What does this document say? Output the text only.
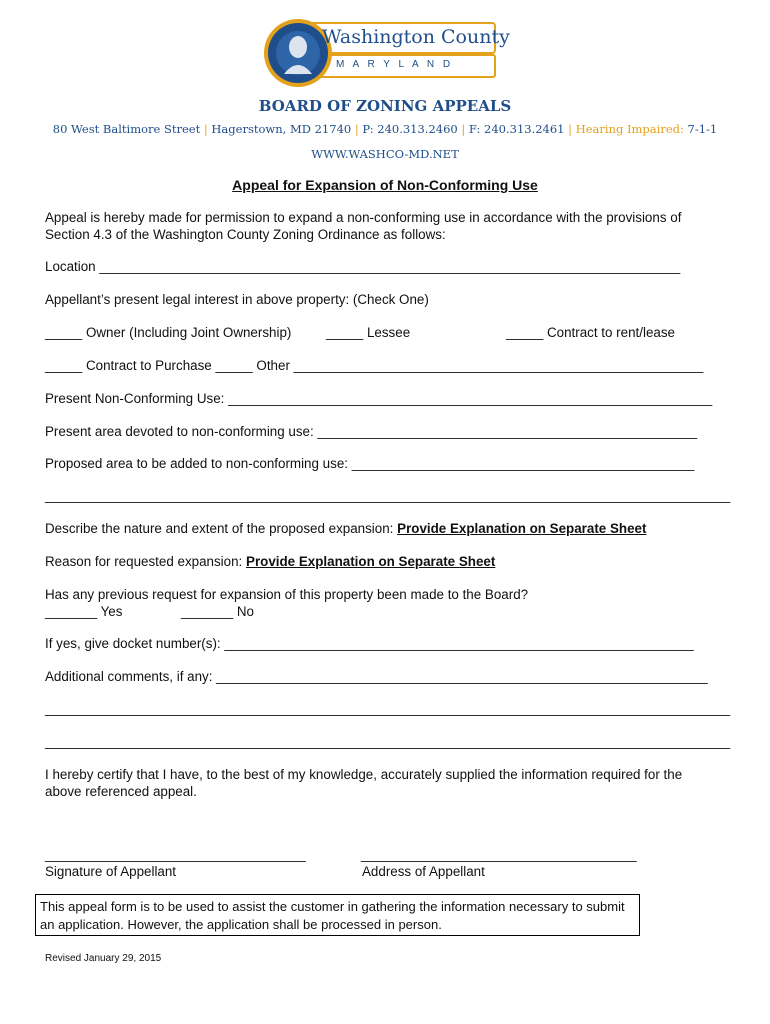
Washington County
M A R Y L A N D
BOARD OF ZONING APPEALS
80 West Baltimore Street | Hagerstown, MD 21740 | P: 240.313.2460 | F: 240.313.2461 | Hearing Impaired: 7-1-1
WWW.WASHCO-MD.NET
Appeal for Expansion of Non-Conforming Use
Appeal is hereby made for permission to expand a non-conforming use in accordance with the provisions of
Section 4.3 of the Washington County Zoning Ordinance as follows:
Location ______________________________________________________________________________
Appellant’s present legal interest in above property: (Check One)
_____ Owner (Including Joint Ownership)	_____ Lessee	_____ Contract to rent/lease
_____ Contract to Purchase _____ Other _______________________________________________________
Present Non-Conforming Use: _________________________________________________________________
Present area devoted to non-conforming use: ___________________________________________________
Proposed area to be added to non-conforming use: ______________________________________________
____________________________________________________________________________________________
Describe the nature and extent of the proposed expansion: Provide Explanation on Separate Sheet
Reason for requested expansion: Provide Explanation on Separate Sheet
Has any previous request for expansion of this property been made to the Board?
_______ Yes	_______ No
If yes, give docket number(s): _______________________________________________________________
Additional comments, if any: __________________________________________________________________
____________________________________________________________________________________________
____________________________________________________________________________________________
I hereby certify that I have, to the best of my knowledge, accurately supplied the information required for the above referenced appeal.
___________________________________	_____________________________________
Signature of Appellant	Address of Appellant
This appeal form is to be used to assist the customer in gathering the information necessary to submit an application. However, the application shall be processed in person.
Revised January 29, 2015
